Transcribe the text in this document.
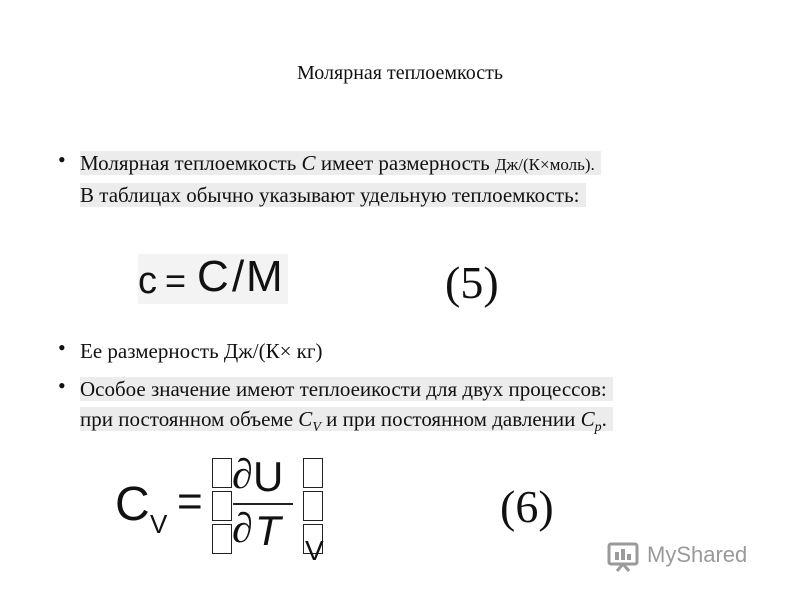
Молярная теплоемкость
• Молярная теплоемкость С имеет размерность Дж/(К×моль).
В таблицах обычно указывают удельную теплоемкость:
c = C / M	(5)
• Ее размерность Дж/(К× кг)
• Особое значение имеют теплоеикости для двух процессов:
при постоянном объеме $C_V$ и при постоянном давлении $C_p$.
C V =
∂ U
∂ T V
(6)
MyShared
